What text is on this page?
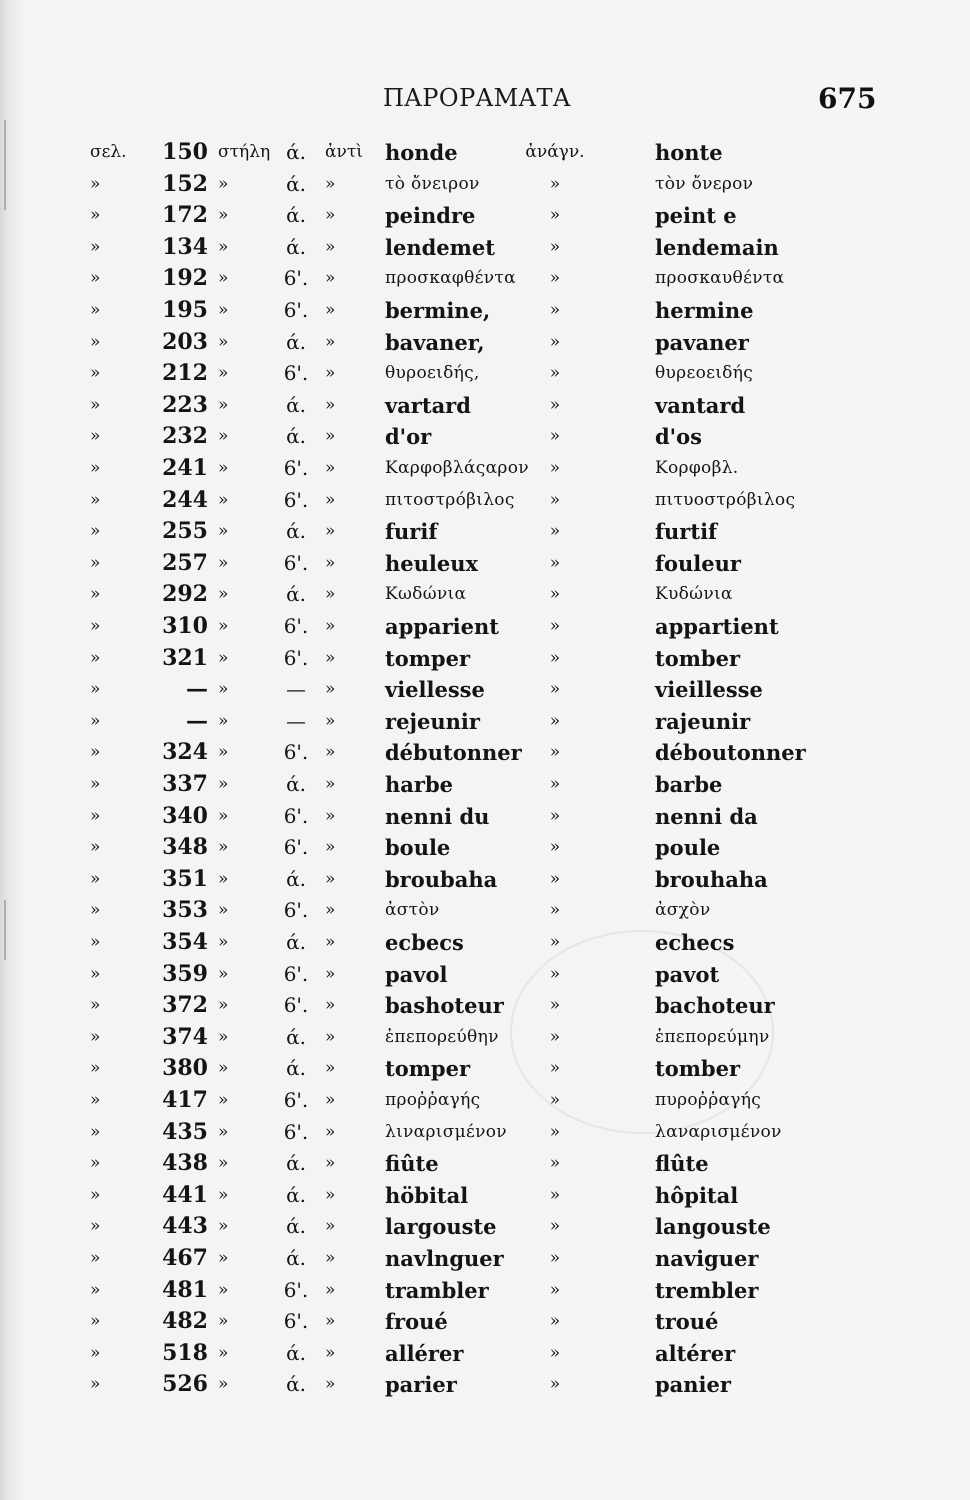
ΠΑΡΟΡΑΜΑΤΑ	675
σελ.	150 στήλη ά.	ἀντὶ honde	ἀνάγν.	honte
»	152 »	ά.	»	τὸ ὄνειρον	»	τὸν ὄνερον
»	172 »	ά.	» peindre	»	peint e
»	134 »	ά.	» lendemet	»	lendemain
»	192 »	6'. »	προσκαφθέντα	»	προσκαυθέντα
»	195 »	6'. » bermine,	»	hermine
»	203 »	ά.	» bavaner,	»	pavaner
»	212 »	6'. »	θυροειδής,	»	θυρεοειδής
»	223 »	ά.	» vartard	»	vantard
»	232 »	ά.	» d'or	»	d'os
»	241 »	6'. »	Καρφοβλάςαρον	»	Κορφοβλ.
»	244 »	6'. »	πιτοστρόβιλος	»	πιτυοστρόβιλος
»	255 »	ά.	» furif	»	furtif
»	257 »	6'. » heuleux	»	fouleur
»	292 »	ά.	»	Κωδώνια	»	Κυδώνια
»	310 »	6'. » apparient	»	appartient
»	321 »	6'. » tomper	»	tomber
»	— »	—	» viellesse	»	vieillesse
»	— »	—	» rejeunir	»	rajeunir
»	324 »	6'. » débutonner	»	déboutonner
»	337 »	ά.	» harbe	»	barbe
»	340 »	6'. » nenni du	»	nenni da
»	348 »	6'. » boule	»	poule
»	351 »	ά.	» broubaha	»	brouhaha
»	353 »	6'. »	ἀστὸν	»	ἀσχὸν
»	354 »	ά.	» ecbecs	»	echecs
»	359 »	6'. » pavol	»	pavot
»	372 »	6'. » bashoteur	»	bachoteur
»	374 »	ά.	»	ἐπεπορεύθην	»	ἐπεπορεύμην
»	380 »	ά.	» tomper	»	tomber
»	417 »	6'. »	προῤῥαγής	»	πυροῤῥαγής
»	435 »	6'. »	λιναρισμένον	»	λαναρισμένον
»	438 »	ά.	» fiûte	»	flûte
»	441 »	ά.	» höbital	»	hôpital
»	443 »	ά.	» largouste	»	langouste
»	467 »	ά.	» navlnguer	»	naviguer
»	481 »	6'. » trambler	»	trembler
»	482 »	6'. » froué	»	troué
»	518 »	ά.	» allérer	»	altérer
»	526 »	ά.	» parier	»	panier
